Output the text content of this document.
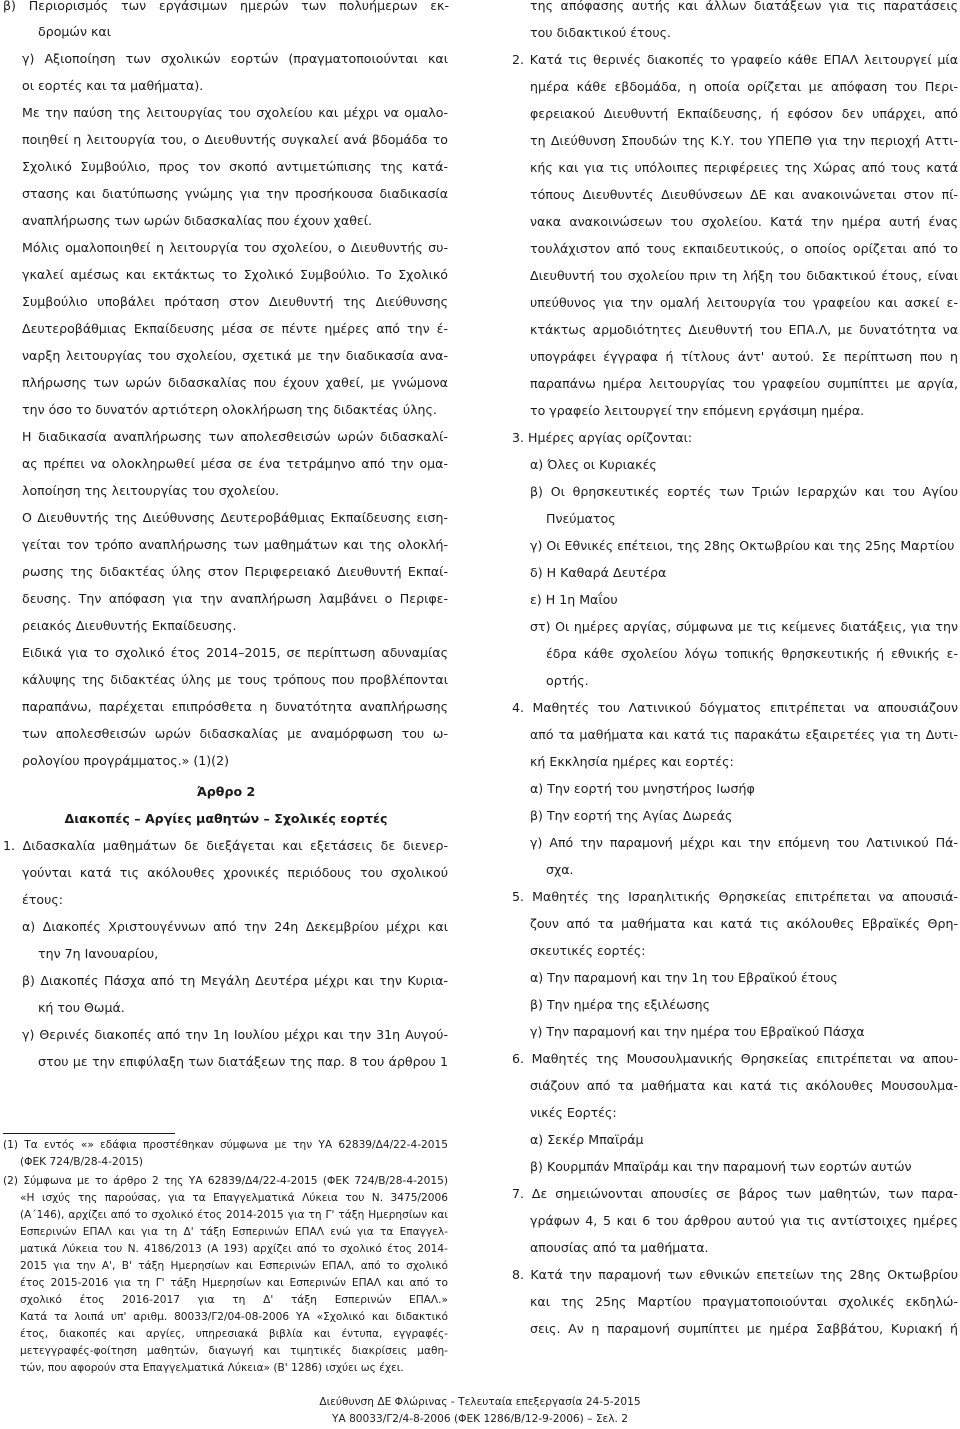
β) Περιορισμός των εργάσιμων ημερών των πολυήμερων εκ-
δρομών και
γ) Αξιοποίηση των σχολικών εορτών (πραγματοποιούνται και
οι εορτές και τα μαθήματα).
Με την παύση της λειτουργίας του σχολείου και μέχρι να ομαλο-
ποιηθεί η λειτουργία του, ο Διευθυντής συγκαλεί ανά βδομάδα το
Σχολικό Συμβούλιο, προς τον σκοπό αντιμετώπισης της κατά-
στασης και διατύπωσης γνώμης για την προσήκουσα διαδικασία
αναπλήρωσης των ωρών διδασκαλίας που έχουν χαθεί.
Μόλις ομαλοποιηθεί η λειτουργία του σχολείου, ο Διευθυντής συ-
γκαλεί αμέσως και εκτάκτως το Σχολικό Συμβούλιο. Το Σχολικό
Συμβούλιο υποβάλει πρόταση στον Διευθυντή της Διεύθυνσης
Δευτεροβάθμιας Εκπαίδευσης μέσα σε πέντε ημέρες από την έ-
ναρξη λειτουργίας του σχολείου, σχετικά με την διαδικασία ανα-
πλήρωσης των ωρών διδασκαλίας που έχουν χαθεί, με γνώμονα
την όσο το δυνατόν αρτιότερη ολοκλήρωση της διδακτέας ύλης.
Η διαδικασία αναπλήρωσης των απολεσθεισών ωρών διδασκαλί-
ας πρέπει να ολοκληρωθεί μέσα σε ένα τετράμηνο από την ομα-
λοποίηση της λειτουργίας του σχολείου.
Ο Διευθυντής της Διεύθυνσης Δευτεροβάθμιας Εκπαίδευσης ειση-
γείται τον τρόπο αναπλήρωσης των μαθημάτων και της ολοκλή-
ρωσης της διδακτέας ύλης στον Περιφερειακό Διευθυντή Εκπαί-
δευσης. Την απόφαση για την αναπλήρωση λαμβάνει ο Περιφε-
ρειακός Διευθυντής Εκπαίδευσης.
Ειδικά για το σχολικό έτος 2014–2015, σε περίπτωση αδυναμίας
κάλυψης της διδακτέας ύλης με τους τρόπους που προβλέπονται
παραπάνω, παρέχεται επιπρόσθετα η δυνατότητα αναπλήρωσης
των απολεσθεισών ωρών διδασκαλίας με αναμόρφωση του ω-
ρολογίου προγράμματος.» (1)(2)
Άρθρο 2
Διακοπές – Αργίες μαθητών – Σχολικές εορτές
1. Διδασκαλία μαθημάτων δε διεξάγεται και εξετάσεις δε διενερ-
γούνται κατά τις ακόλουθες χρονικές περιόδους του σχολικού
έτους:
α) Διακοπές Χριστουγέννων από την 24η Δεκεμβρίου μέχρι και
την 7η Ιανουαρίου,
β) Διακοπές Πάσχα από τη Μεγάλη Δευτέρα μέχρι και την Κυρια-
κή του Θωμά.
γ) Θερινές διακοπές από την 1η Ιουλίου μέχρι και την 31η Αυγού-
στου με την επιφύλαξη των διατάξεων της παρ. 8 του άρθρου 1
(1) Τα εντός «» εδάφια προστέθηκαν σύμφωνα με την ΥΑ 62839/Δ4/22-4-2015
(ΦΕΚ 724/Β/28-4-2015)
(2) Σύμφωνα με το άρθρο 2 της ΥΑ 62839/Δ4/22-4-2015 (ΦΕΚ 724/Β/28-4-2015)
«Η ισχύς της παρούσας, για τα Επαγγελματικά Λύκεια του Ν. 3475/2006
(Α΄146), αρχίζει από το σχολικό έτος 2014-2015 για τη Γ' τάξη Ημερησίων και
Εσπερινών ΕΠΑΛ και για τη Δ' τάξη Εσπερινών ΕΠΑΛ ενώ για τα Επαγγελ-
ματικά Λύκεια του Ν. 4186/2013 (Α 193) αρχίζει από το σχολικό έτος 2014-
2015 για την Α', Β' τάξη Ημερησίων και Εσπερινών ΕΠΑΛ, από το σχολικό
έτος 2015-2016 για τη Γ' τάξη Ημερησίων και Εσπερινών ΕΠΑΛ και από το
σχολικό έτος 2016-2017 για τη Δ' τάξη Εσπερινών ΕΠΑΛ.»
Κατά τα λοιπά υπ' αριθμ. 80033/Γ2/04-08-2006 ΥΑ «Σχολικό και διδακτικό
έτος, διακοπές και αργίες, υπηρεσιακά βιβλία και έντυπα, εγγραφές-
μετεγγραφές-φοίτηση μαθητών, διαγωγή και τιμητικές διακρίσεις μαθη-
τών, που αφορούν στα Επαγγελματικά Λύκεια» (Β' 1286) ισχύει ως έχει.
της απόφασης αυτής και άλλων διατάξεων για τις παρατάσεις
του διδακτικού έτους.
2. Κατά τις θερινές διακοπές το γραφείο κάθε ΕΠΑΛ λειτουργεί μία
ημέρα κάθε εβδομάδα, η οποία ορίζεται με απόφαση του Περι-
φερειακού Διευθυντή Εκπαίδευσης, ή εφόσον δεν υπάρχει, από
τη Διεύθυνση Σπουδών της Κ.Υ. του ΥΠΕΠΘ για την περιοχή Αττι-
κής και για τις υπόλοιπες περιφέρειες της Χώρας από τους κατά
τόπους Διευθυντές Διευθύνσεων ΔΕ και ανακοινώνεται στον πί-
νακα ανακοινώσεων του σχολείου. Κατά την ημέρα αυτή ένας
τουλάχιστον από τους εκπαιδευτικούς, ο οποίος ορίζεται από το
Διευθυντή του σχολείου πριν τη λήξη του διδακτικού έτους, είναι
υπεύθυνος για την ομαλή λειτουργία του γραφείου και ασκεί ε-
κτάκτως αρμοδιότητες Διευθυντή του ΕΠΑ.Λ, με δυνατότητα να
υπογράφει έγγραφα ή τίτλους άντ' αυτού. Σε περίπτωση που η
παραπάνω ημέρα λειτουργίας του γραφείου συμπίπτει με αργία,
το γραφείο λειτουργεί την επόμενη εργάσιμη ημέρα.
3. Ημέρες αργίας ορίζονται:
α) Όλες οι Κυριακές
β) Οι θρησκευτικές εορτές των Τριών Ιεραρχών και του Αγίου
Πνεύματος
γ) Οι Εθνικές επέτειοι, της 28ης Οκτωβρίου και της 25ης Μαρτίου
δ) Η Καθαρά Δευτέρα
ε) Η 1η Μαΐου
στ) Οι ημέρες αργίας, σύμφωνα με τις κείμενες διατάξεις, για την
έδρα κάθε σχολείου λόγω τοπικής θρησκευτικής ή εθνικής ε-
ορτής.
4. Μαθητές του Λατινικού δόγματος επιτρέπεται να απουσιάζουν
από τα μαθήματα και κατά τις παρακάτω εξαιρετέες για τη Δυτι-
κή Εκκλησία ημέρες και εορτές:
α) Την εορτή του μνηστήρος Ιωσήφ
β) Την εορτή της Αγίας Δωρεάς
γ) Από την παραμονή μέχρι και την επόμενη του Λατινικού Πά-
σχα.
5. Μαθητές της Ισραηλιτικής Θρησκείας επιτρέπεται να απουσιά-
ζουν από τα μαθήματα και κατά τις ακόλουθες Εβραϊκές Θρη-
σκευτικές εορτές:
α) Την παραμονή και την 1η του Εβραϊκού έτους
β) Την ημέρα της εξιλέωσης
γ) Την παραμονή και την ημέρα του Εβραϊκού Πάσχα
6. Μαθητές της Μουσουλμανικής Θρησκείας επιτρέπεται να απου-
σιάζουν από τα μαθήματα και κατά τις ακόλουθες Μουσουλμα-
νικές Εορτές:
α) Σεκέρ Μπαϊράμ
β) Κουρμπάν Μπαϊράμ και την παραμονή των εορτών αυτών
7. Δε σημειώνονται απουσίες σε βάρος των μαθητών, των παρα-
γράφων 4, 5 και 6 του άρθρου αυτού για τις αντίστοιχες ημέρες
απουσίας από τα μαθήματα.
8. Κατά την παραμονή των εθνικών επετείων της 28ης Οκτωβρίου
και της 25ης Μαρτίου πραγματοποιούνται σχολικές εκδηλώ-
σεις. Αν η παραμονή συμπίπτει με ημέρα Σαββάτου, Κυριακή ή
Διεύθυνση ΔΕ Φλώρινας - Τελευταία επεξεργασία 24-5-2015
ΥΑ 80033/Γ2/4-8-2006 (ΦΕΚ 1286/Β/12-9-2006) – Σελ. 2
